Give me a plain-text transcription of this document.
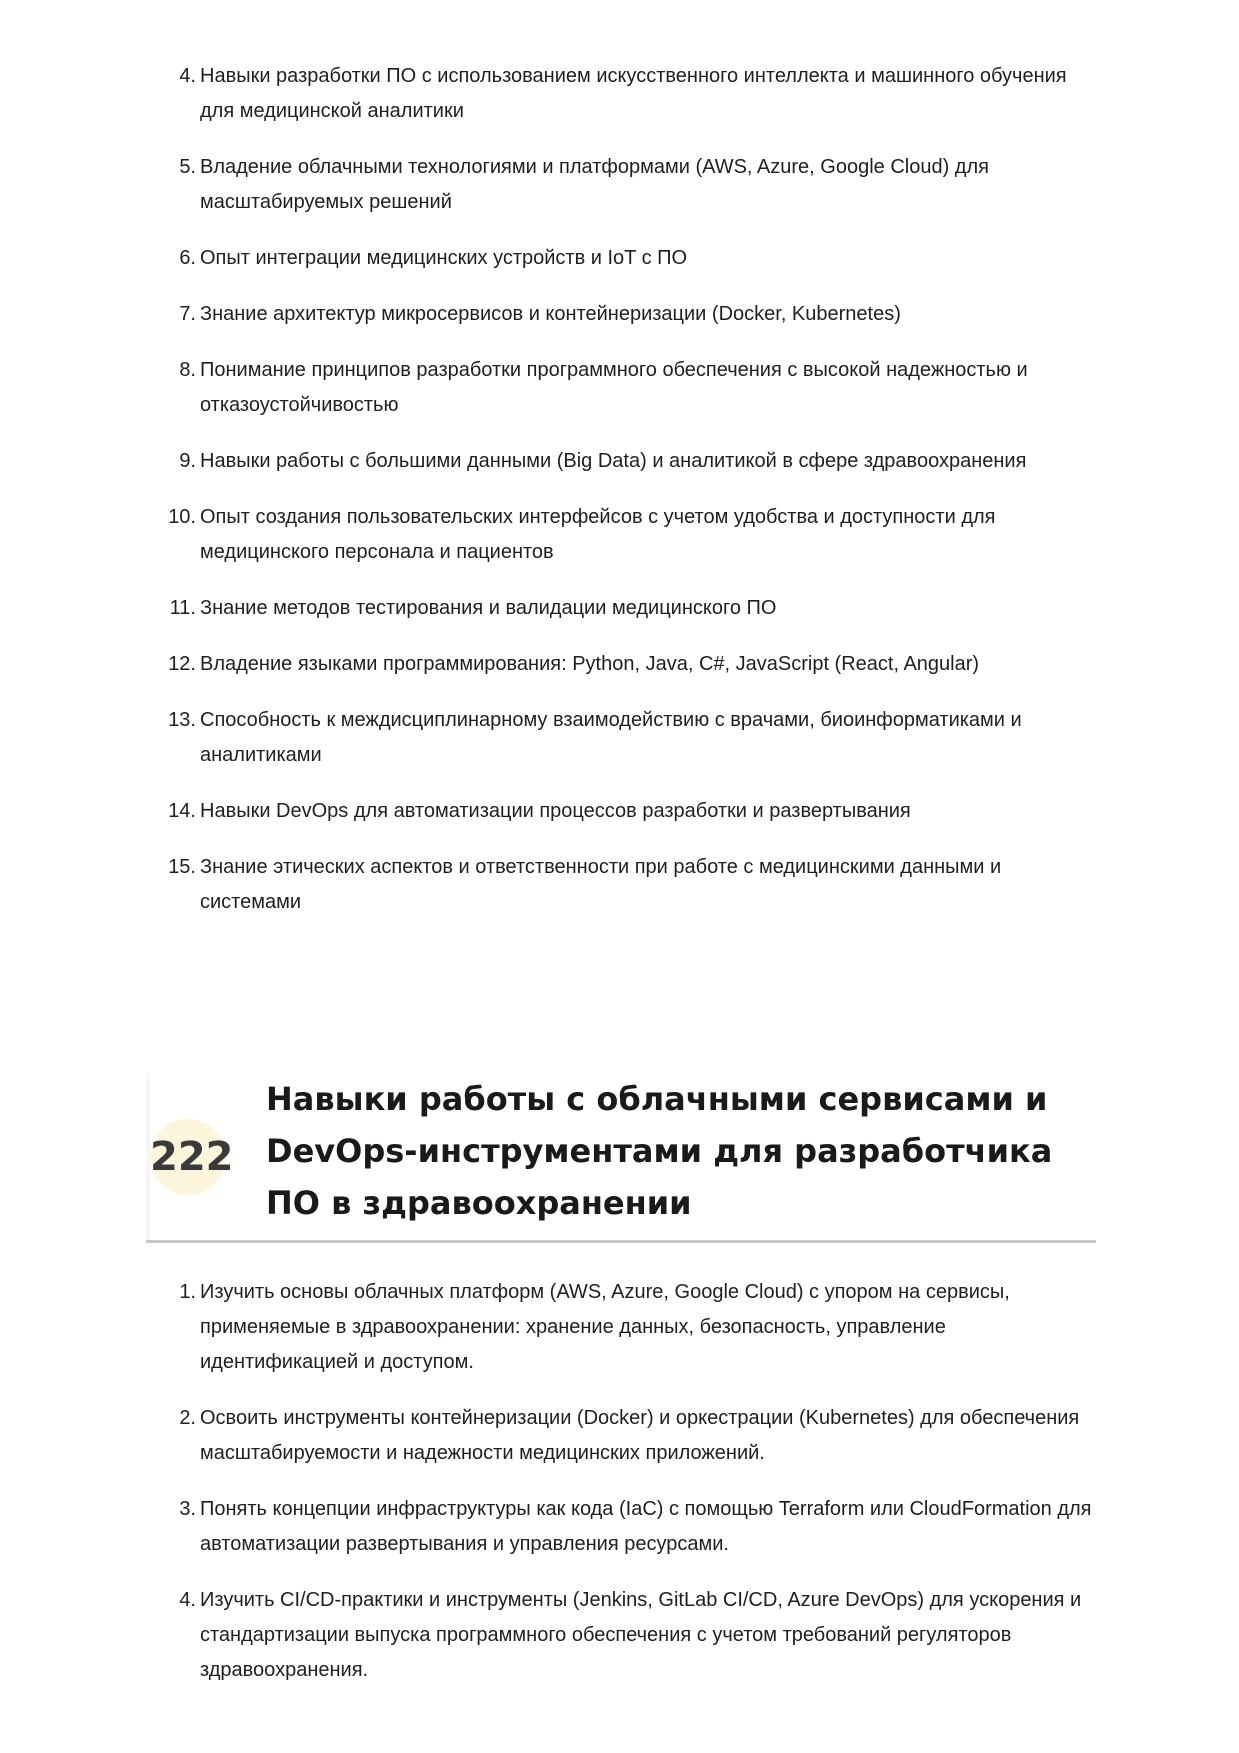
4. Навыки разработки ПО с использованием искусственного интеллекта и машинного обучения для медицинской аналитики
5. Владение облачными технологиями и платформами (AWS, Azure, Google Cloud) для масштабируемых решений
6. Опыт интеграции медицинских устройств и IoT с ПО
7. Знание архитектур микросервисов и контейнеризации (Docker, Kubernetes)
8. Понимание принципов разработки программного обеспечения с высокой надежностью и отказоустойчивостью
9. Навыки работы с большими данными (Big Data) и аналитикой в сфере здравоохранения
10. Опыт создания пользовательских интерфейсов с учетом удобства и доступности для медицинского персонала и пациентов
11. Знание методов тестирования и валидации медицинского ПО
12. Владение языками программирования: Python, Java, C#, JavaScript (React, Angular)
13. Способность к междисциплинарному взаимодействию с врачами, биоинформатиками и аналитиками
14. Навыки DevOps для автоматизации процессов разработки и развертывания
15. Знание этических аспектов и ответственности при работе с медицинскими данными и системами
222
Навыки работы с облачными сервисами и DevOps-инструментами для разработчика ПО в здравоохранении
1. Изучить основы облачных платформ (AWS, Azure, Google Cloud) с упором на сервисы, применяемые в здравоохранении: хранение данных, безопасность, управление идентификацией и доступом.
2. Освоить инструменты контейнеризации (Docker) и оркестрации (Kubernetes) для обеспечения масштабируемости и надежности медицинских приложений.
3. Понять концепции инфраструктуры как кода (IaC) с помощью Terraform или CloudFormation для автоматизации развертывания и управления ресурсами.
4. Изучить CI/CD-практики и инструменты (Jenkins, GitLab CI/CD, Azure DevOps) для ускорения и стандартизации выпуска программного обеспечения с учетом требований регуляторов здравоохранения.
